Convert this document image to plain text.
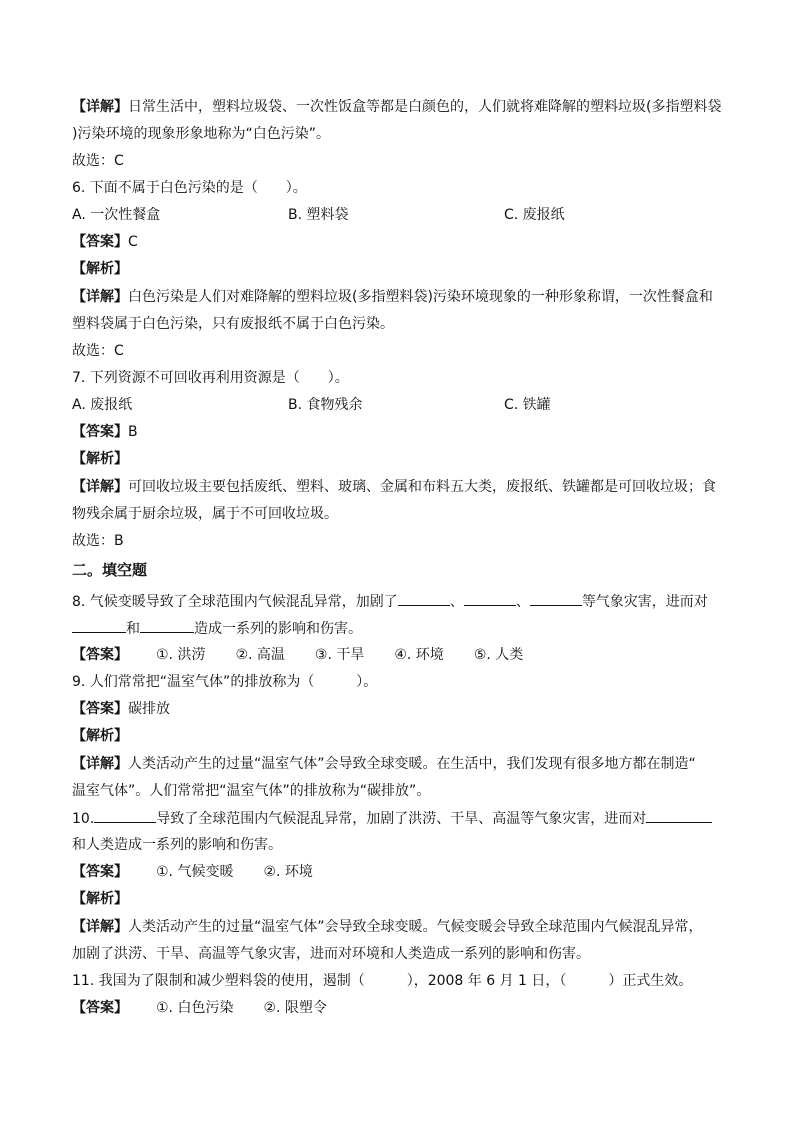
【详解】日常生活中，塑料垃圾袋、一次性饭盒等都是白颜色的，人们就将难降解的塑料垃圾(多指塑料袋
)污染环境的现象形象地称为“白色污染”。
故选：C
6. 下面不属于白色污染的是（　　）。
A. 一次性餐盒	B. 塑料袋	C. 废报纸
【答案】C
【解析】
【详解】白色污染是人们对难降解的塑料垃圾(多指塑料袋)污染环境现象的一种形象称谓，一次性餐盒和
塑料袋属于白色污染，只有废报纸不属于白色污染。
故选：C
7. 下列资源不可回收再利用资源是（　　）。
A. 废报纸	B. 食物残余	C. 铁罐
【答案】B
【解析】
【详解】可回收垃圾主要包括废纸、塑料、玻璃、金属和布料五大类，废报纸、铁罐都是可回收垃圾；食
物残余属于厨余垃圾，属于不可回收垃圾。
故选：B
二。填空题
8. 气候变暖导致了全球范围内气候混乱异常，加剧了	、	、	等气象灾害，进而对
和	造成一系列的影响和伤害。
【答案】 ①. 洪涝 ②. 高温 ③. 干旱 ④. 环境 ⑤. 人类
9. 人们常常把“温室气体”的排放称为（　　　）。
【答案】碳排放
【解析】
【详解】人类活动产生的过量“温室气体”会导致全球变暖。在生活中，我们发现有很多地方都在制造“
温室气体”。人们常常把“温室气体”的排放称为“碳排放”。
10.	导致了全球范围内气候混乱异常，加剧了洪涝、干旱、高温等气象灾害，进而对
和人类造成一系列的影响和伤害。
【答案】 ①. 气候变暖 ②. 环境
【解析】
【详解】人类活动产生的过量“温室气体”会导致全球变暖。气候变暖会导致全球范围内气候混乱异常，
加剧了洪涝、干旱、高温等气象灾害，进而对环境和人类造成一系列的影响和伤害。
11. 我国为了限制和减少塑料袋的使用，遏制（　　　），2008 年 6 月 1 日，（　　　）正式生效。
【答案】 ①. 白色污染 ②. 限塑令
